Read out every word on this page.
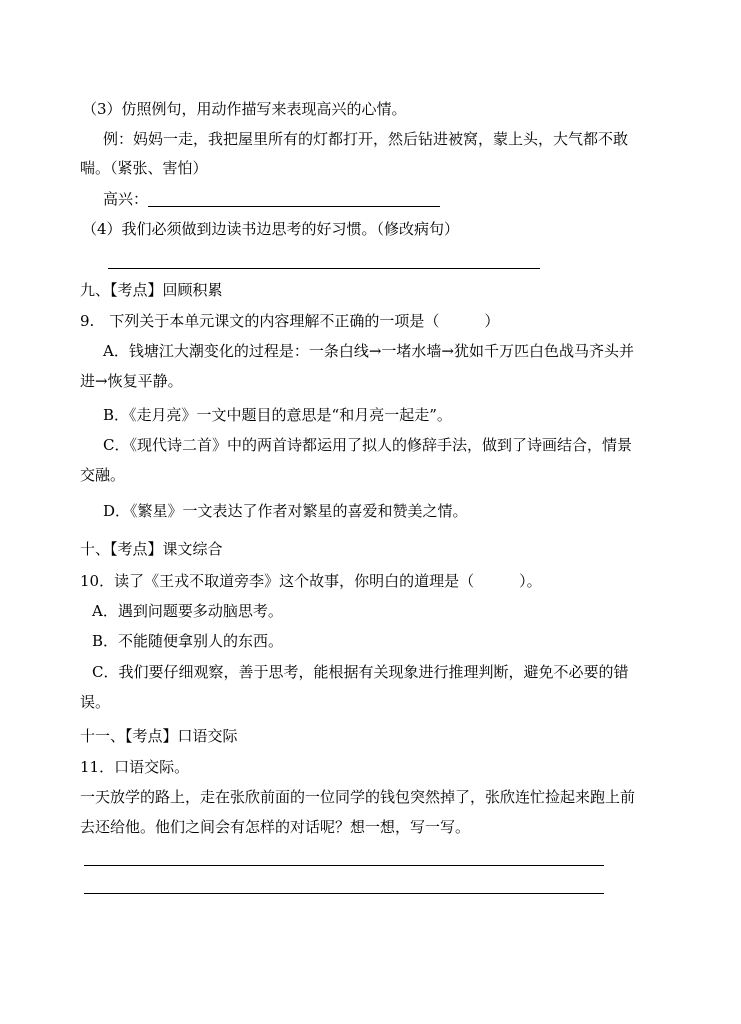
（3）仿照例句，用动作描写来表现高兴的心情。
例：妈妈一走，我把屋里所有的灯都打开，然后钻进被窝，蒙上头，大气都不敢
喘。（紧张、害怕）
高兴：
（4）我们必须做到边读书边思考的好习惯。（修改病句）
九、【考点】回顾积累
9.　下列关于本单元课文的内容理解不正确的一项是（　　　）
A．钱塘江大潮变化的过程是：一条白线→一堵水墙→犹如千万匹白色战马齐头并
进→恢复平静。
B．《走月亮》一文中题目的意思是“和月亮一起走”。
C．《现代诗二首》中的两首诗都运用了拟人的修辞手法，做到了诗画结合，情景
交融。
D．《繁星》一文表达了作者对繁星的喜爱和赞美之情。
十、【考点】课文综合
10．读了《王戎不取道旁李》这个故事，你明白的道理是（　　　）。
A．遇到问题要多动脑思考。
B．不能随便拿别人的东西。
C．我们要仔细观察，善于思考，能根据有关现象进行推理判断，避免不必要的错
误。
十一、【考点】口语交际
11．口语交际。
一天放学的路上，走在张欣前面的一位同学的钱包突然掉了，张欣连忙捡起来跑上前
去还给他。他们之间会有怎样的对话呢？想一想，写一写。
